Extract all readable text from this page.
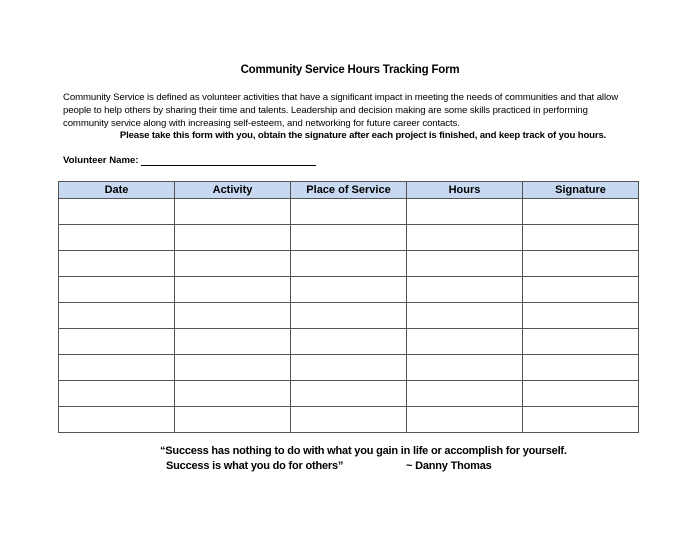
Community Service Hours Tracking Form
Community Service is defined as volunteer activities that have a significant impact in meeting the needs of communities and that allow people to help others by sharing their time and talents. Leadership and decision making are some skills practiced in performing community service along with increasing self-esteem, and networking for future career contacts.
Please take this form with you, obtain the signature after each project is finished, and keep track of you hours.
Volunteer Name:
Date	Activity	Place of Service	Hours	Signature

“Success has nothing to do with what you gain in life or accomplish for yourself.
Success is what you do for others”	~ Danny Thomas
